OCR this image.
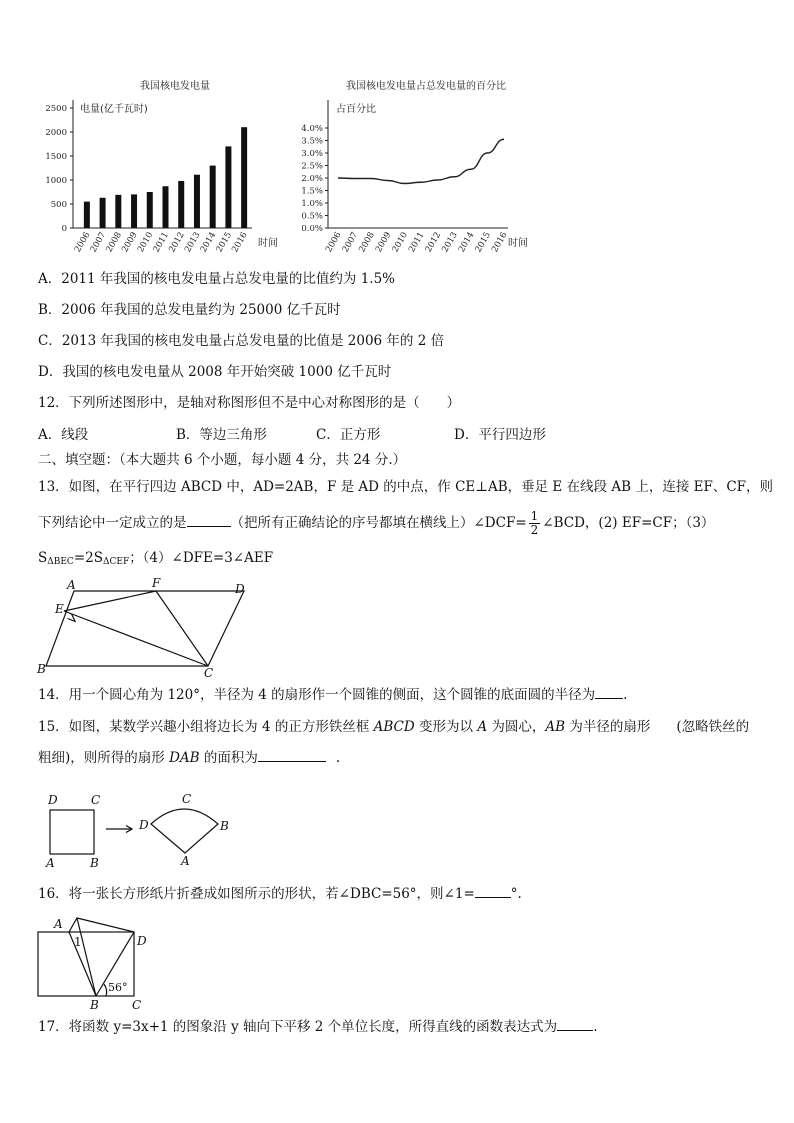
我国核电发电量
电量(亿千瓦时)
0
500
1000
1500
2000
2500
2006
2007
2008
2009
2010
2011
2012
2013
2014
2015
2016 时间
我国核电发电量占总发电量的百分比
占百分比
0.0%
0.5%
1.0%
1.5%
2.0%
2.5%
3.0%
3.5%
4.0%
2006
2007
2008
2009
2010
2011
2012
2013
2014
2015
2016
时间
A．2011 年我国的核电发电量占总发电量的比值约为 1.5%
B．2006 年我国的总发电量约为 25000 亿千瓦时
C．2013 年我国的核电发电量占总发电量的比值是 2006 年的 2 倍
D．我国的核电发电量从 2008 年开始突破 1000 亿千瓦时
12．下列所述图形中，是轴对称图形但不是中心对称图形的是（　　）
A．线段	B．等边三角形	C．正方形	D．平行四边形
二、填空题：（本大题共 6 个小题，每小题 4 分，共 24 分.）
13．如图，在平行四边 ABCD 中，AD=2AB，F 是 AD 的中点，作 CE⊥AB，垂足 E 在线段 AB 上，连接 EF、CF，则
下列结论中一定成立的是	（把所有正确结论的序号都填在横线上）∠DCF= $\frac{1}{2}$ ∠BCD，(2) EF=CF；（3）
$S_{\Delta BEC}=2S_{\Delta CEF}$；（4）∠DFE=3∠AEF
A	F	D
E
B	C
14．用一个圆心角为 120°，半径为 4 的扇形作一个圆锥的侧面，这个圆锥的底面圆的半径为 .
15．如图，某数学兴趣小组将边长为 4 的正方形铁丝框 ABCD 变形为以 A 为圆心，AB 为半径的扇形 (忽略铁丝的
粗细)，则所得的扇形 DAB 的面积为	.
D	C
A	B
D
C
B
A
16．将一张长方形纸片折叠成如图所示的形状，若∠DBC=56°，则∠1=	°.
A
1	D
B	C
56°
17．将函数 y=3x+1 的图象沿 y 轴向下平移 2 个单位长度，所得直线的函数表达式为	.
